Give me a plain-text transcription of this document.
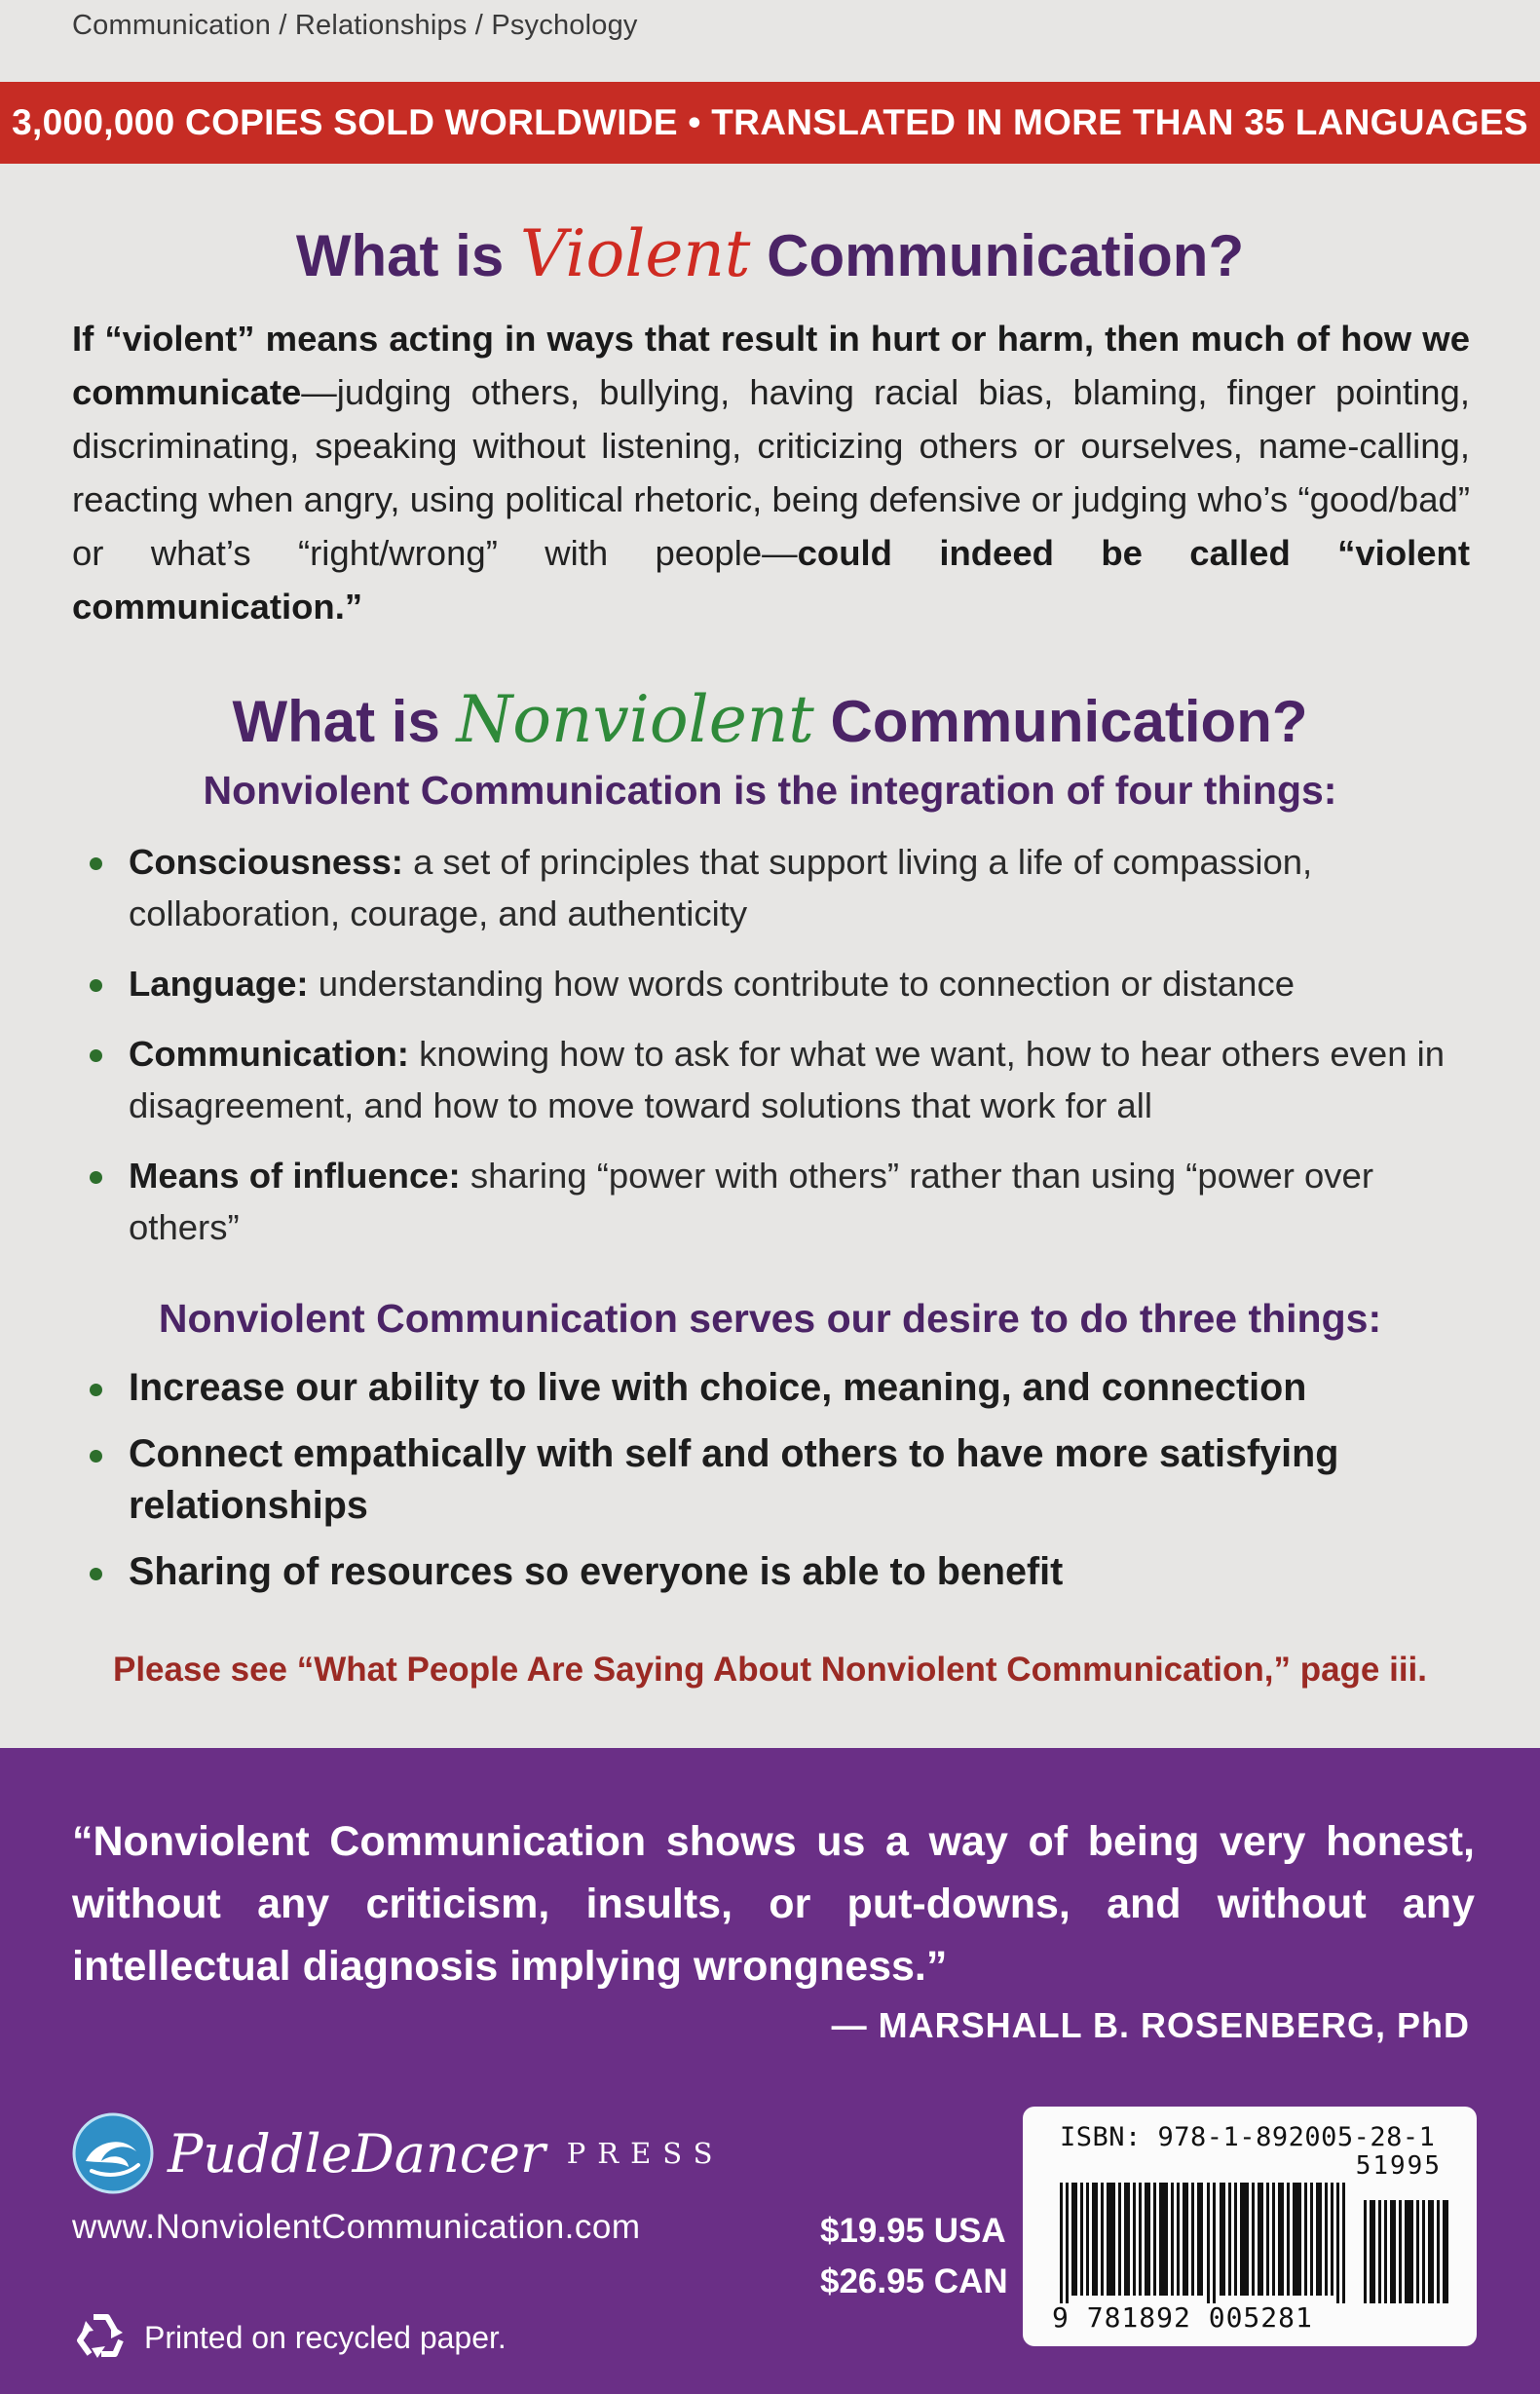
Communication / Relationships / Psychology
3,000,000 COPIES SOLD WORLDWIDE • TRANSLATED IN MORE THAN 35 LANGUAGES
What is Violent Communication?
If “violent” means acting in ways that result in hurt or harm, then much of how we communicate—judging others, bullying, having racial bias, blaming, finger pointing, discriminating, speaking without listening, criticizing others or ourselves, name-calling, reacting when angry, using political rhetoric, being defensive or judging who’s “good/bad” or what’s “right/wrong” with people—could indeed be called “violent communication.”
What is Nonviolent Communication?
Nonviolent Communication is the integration of four things:
Consciousness: a set of principles that support living a life of compassion, collaboration, courage, and authenticity
Language: understanding how words contribute to connection or distance
Communication: knowing how to ask for what we want, how to hear others even in disagreement, and how to move toward solutions that work for all
Means of influence: sharing “power with others” rather than using “power over others”
Nonviolent Communication serves our desire to do three things:
Increase our ability to live with choice, meaning, and connection
Connect empathically with self and others to have more satisfying relationships
Sharing of resources so everyone is able to benefit
Please see “What People Are Saying About Nonviolent Communication,” page iii.
“Nonviolent Communication shows us a way of being very honest, without any criticism, insults, or put-downs, and without any intellectual diagnosis implying wrongness.”
— MARSHALL B. ROSENBERG, PhD
PuddleDancer PRESS
www.NonviolentCommunication.com	$19.95 USA
$26.95 CAN
Printed on recycled paper.
ISBN: 978-1-892005-28-1
51995
9 781892 005281
